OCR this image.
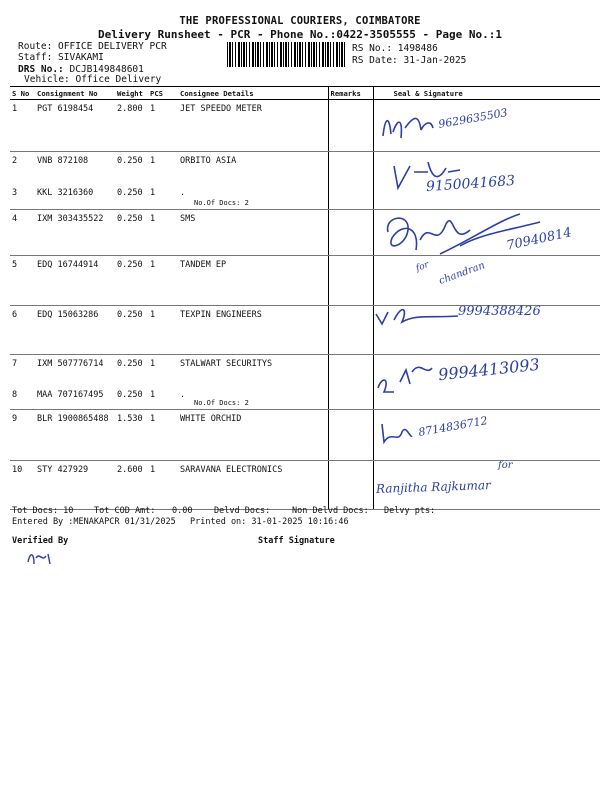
THE PROFESSIONAL COURIERS, COIMBATORE
Delivery Runsheet - PCR - Phone No.:0422-3505555 - Page No.:1
Route: OFFICE DELIVERY PCR
Staff: SIVAKAMI
DRS No.: DCJB149848601
Vehicle: Office Delivery
RS No.: 1498486
RS Date: 31-Jan-2025
S No	Consignment No	Weight	PCS	Consignee Details	Remarks	Seal & Signature
1	PGT 6198454	2.800	1	JET SPEEDO METER		
2	VNB 872108	0.250	1	ORBITO ASIA		
3	KKL 3216360	0.250	1	.
No.Of Docs: 2		

4	IXM 303435522	0.250	1	SMS		
5	EDQ 16744914	0.250	1	TANDEM EP		
6	EDQ 15063286	0.250	1	TEXPIN ENGINEERS		
7	IXM 507776714	0.250	1	STALWART SECURITYS		
8	MAA 707167495	0.250	1	.
No.Of Docs: 2		

9	BLR 1900865488	1.530	1	WHITE ORCHID		
10	STY 427929	2.600	1	SARAVANA ELECTRONICS		
9629635503
9150041683
70940814
for chandran
9994388426
9994413093
8714836712
for
Ranjitha Rajkumar
Tot Docs: 10 Tot COD Amt: 0.00	Delvd Docs:	Non Delvd Docs: Delvy pts:
Entered By :MENAKAPCR 01/31/2025 Printed on: 31-01-2025 10:16:46
Verified By	Staff Signature
